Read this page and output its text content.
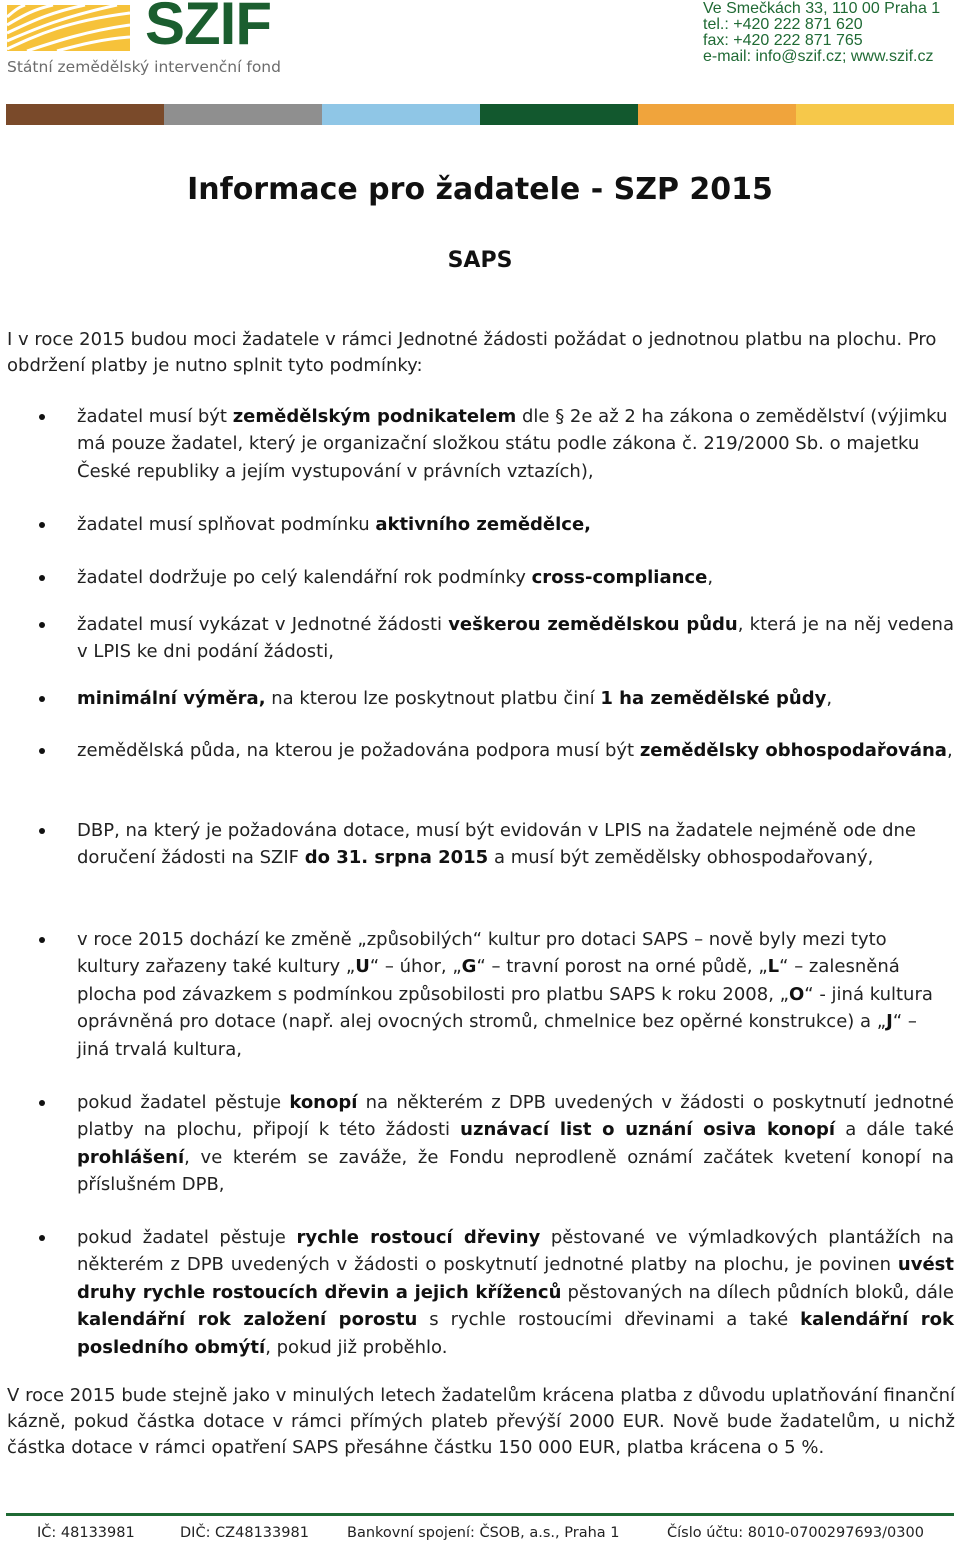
SZIF
Státní zemědělský intervenční fond
Ve Smečkách 33, 110 00 Praha 1
tel.: +420 222 871 620
fax: +420 222 871 765
e-mail: info@szif.cz; www.szif.cz
Informace pro žadatele - SZP 2015
SAPS

I v roce 2015 budou moci žadatele v rámci Jednotné žádosti požádat o jednotnou platbu na plochu. Pro obdržení platby je nutno splnit tyto podmínky:

žadatel musí být zemědělským podnikatelem dle § 2e až 2 ha zákona o zemědělství (výjimku má pouze žadatel, který je organizační složkou státu podle zákona č. 219/2000 Sb. o majetku České republiky a jejím vystupování v právních vztazích),
žadatel musí splňovat podmínku aktivního zemědělce,
žadatel dodržuje po celý kalendářní rok podmínky cross-compliance,
žadatel musí vykázat v Jednotné žádosti veškerou zemědělskou půdu, která je na něj vedena v LPIS ke dni podání žádosti,
minimální výměra, na kterou lze poskytnout platbu činí 1 ha zemědělské půdy,
zemědělská půda, na kterou je požadována podpora musí být zemědělsky obhospodařována,
DBP, na který je požadována dotace, musí být evidován v LPIS na žadatele nejméně ode dne doručení žádosti na SZIF do 31. srpna 2015 a musí být zemědělsky obhospodařovaný,
v roce 2015 dochází ke změně „způsobilých“ kultur pro dotaci SAPS – nově byly mezi tyto kultury zařazeny také kultury „U“ – úhor, „G“ – travní porost na orné půdě, „L“ – zalesněná plocha pod závazkem s podmínkou způsobilosti pro platbu SAPS k roku 2008, „O“ - jiná kultura oprávněná pro dotace (např. alej ovocných stromů, chmelnice bez opěrné konstrukce) a „J“ – jiná trvalá kultura,
pokud žadatel pěstuje konopí na některém z DPB uvedených v žádosti o poskytnutí jednotné platby na plochu, připojí k této žádosti uznávací list o uznání osiva konopí a dále také prohlášení, ve kterém se zaváže, že Fondu neprodleně oznámí začátek kvetení konopí na příslušném DPB,
pokud žadatel pěstuje rychle rostoucí dřeviny pěstované ve výmladkových plantážích na některém z DPB uvedených v žádosti o poskytnutí jednotné platby na plochu, je povinen uvést druhy rychle rostoucích dřevin a jejich kříženců pěstovaných na dílech půdních bloků, dále kalendářní rok založení porostu s rychle rostoucími dřevinami a také kalendářní rok posledního obmýtí, pokud již proběhlo.

V roce 2015 bude stejně jako v minulých letech žadatelům krácena platba z důvodu uplatňování finanční kázně, pokud částka dotace v rámci přímých plateb převýší 2000 EUR. Nově bude žadatelům, u nichž částka dotace v rámci opatření SAPS přesáhne částku 150 000 EUR, platba krácena o 5 %.

IČ: 48133981	DIČ: CZ48133981	Bankovní spojení: ČSOB, a.s., Praha 1	Číslo účtu: 8010-0700297693/0300
